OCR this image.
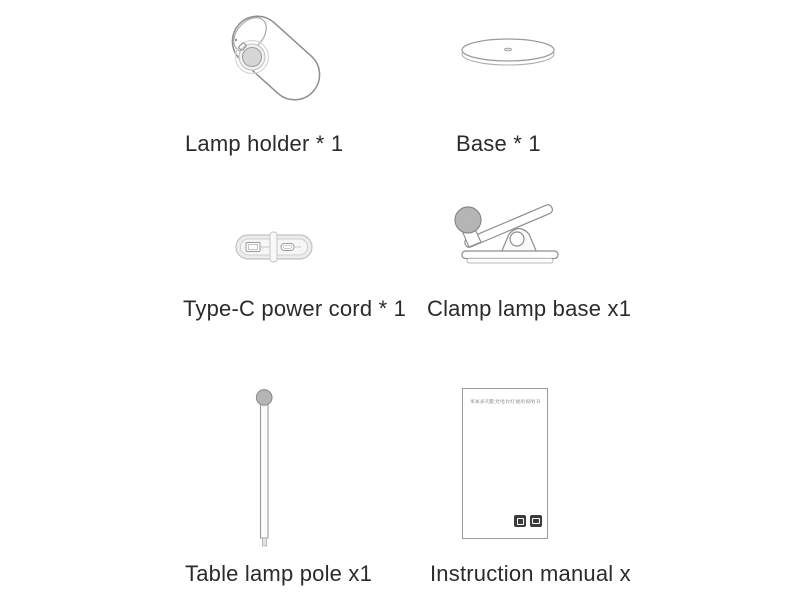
Lamp holder * 1	Base * 1
Type-C power cord * 1 Clamp lamp base x1
米家多功能充电台灯使用说明书
Table lamp pole x1	Instruction manual x
